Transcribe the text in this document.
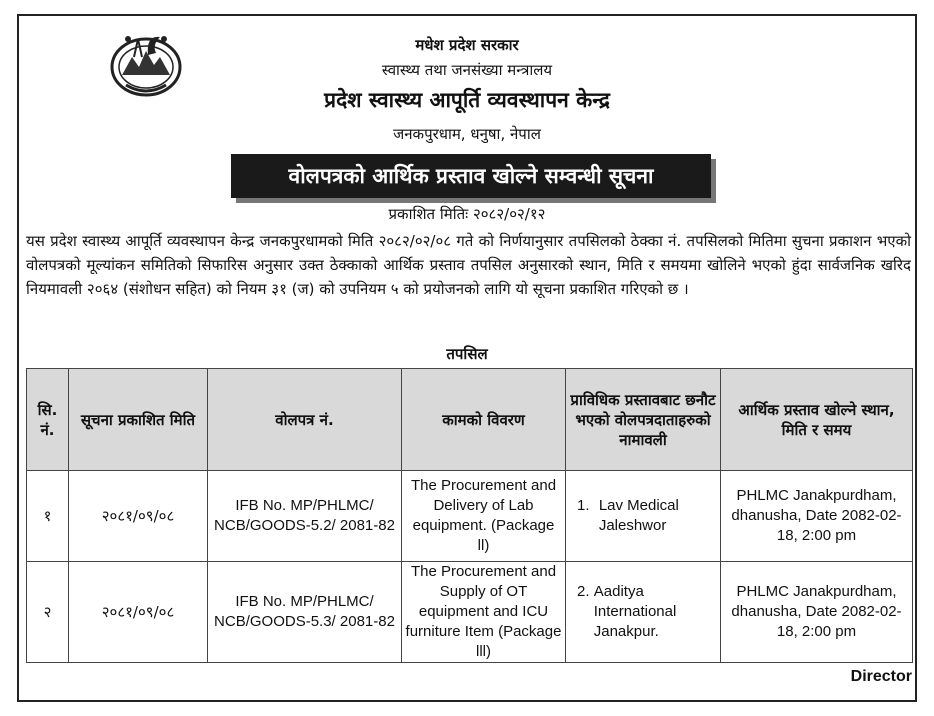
मधेश प्रदेश सरकार
स्वास्थ्य तथा जनसंख्या मन्त्रालय
प्रदेश स्वास्थ्य आपूर्ति व्यवस्थापन केन्द्र
जनकपुरधाम, धनुषा, नेपाल
वोलपत्रको आर्थिक प्रस्ताव खोल्ने सम्वन्धी सूचना
प्रकाशित मितिः २०८२/०२/१२

यस प्रदेश स्वास्थ्य आपूर्ति व्यवस्थापन केन्द्र जनकपुरधामको मिति २०८२/०२/०८ गते को निर्णयानुसार तपसिलको ठेक्का नं. तपसिलको मितिमा सुचना प्रकाशन भएको वोलपत्रको मूल्यांकन समितिको सिफारिस अनुसार उक्त ठेक्काको आर्थिक प्रस्ताव तपसिल अनुसारको स्थान, मिति र समयमा खोलिने भएको हुंदा सार्वजनिक खरिद नियमावली २०६४ (संशोधन सहित) को नियम ३१ (ज) को उपनियम ५ को प्रयोजनको लागि यो सूचना प्रकाशित गरिएको छ ।

तपसिल
सि. नं.	सूचना प्रकाशित मिति	वोलपत्र नं.	कामको विवरण	प्राविधिक प्रस्तावबाट छनौट भएको वोलपत्रदाताहरुको नामावली	आर्थिक प्रस्ताव खोल्ने स्थान, मिति र समय
१	२०८१/०९/०८	IFB No. MP/PHLMC/ NCB/GOODS-5.2/ 2081-82	The Procurement and Delivery of Lab equipment. (Package ll)	1. Lav Medical Jaleshwor	PHLMC Janakpurdham, dhanusha, Date 2082-02-18, 2:00 pm
२	२०८१/०९/०८	IFB No. MP/PHLMC/ NCB/GOODS-5.3/ 2081-82	The Procurement and Supply of OT equipment and ICU furniture Item (Package lll)	2. Aaditya International Janakpur.	PHLMC Janakpurdham, dhanusha, Date 2082-02-18, 2:00 pm
Director
